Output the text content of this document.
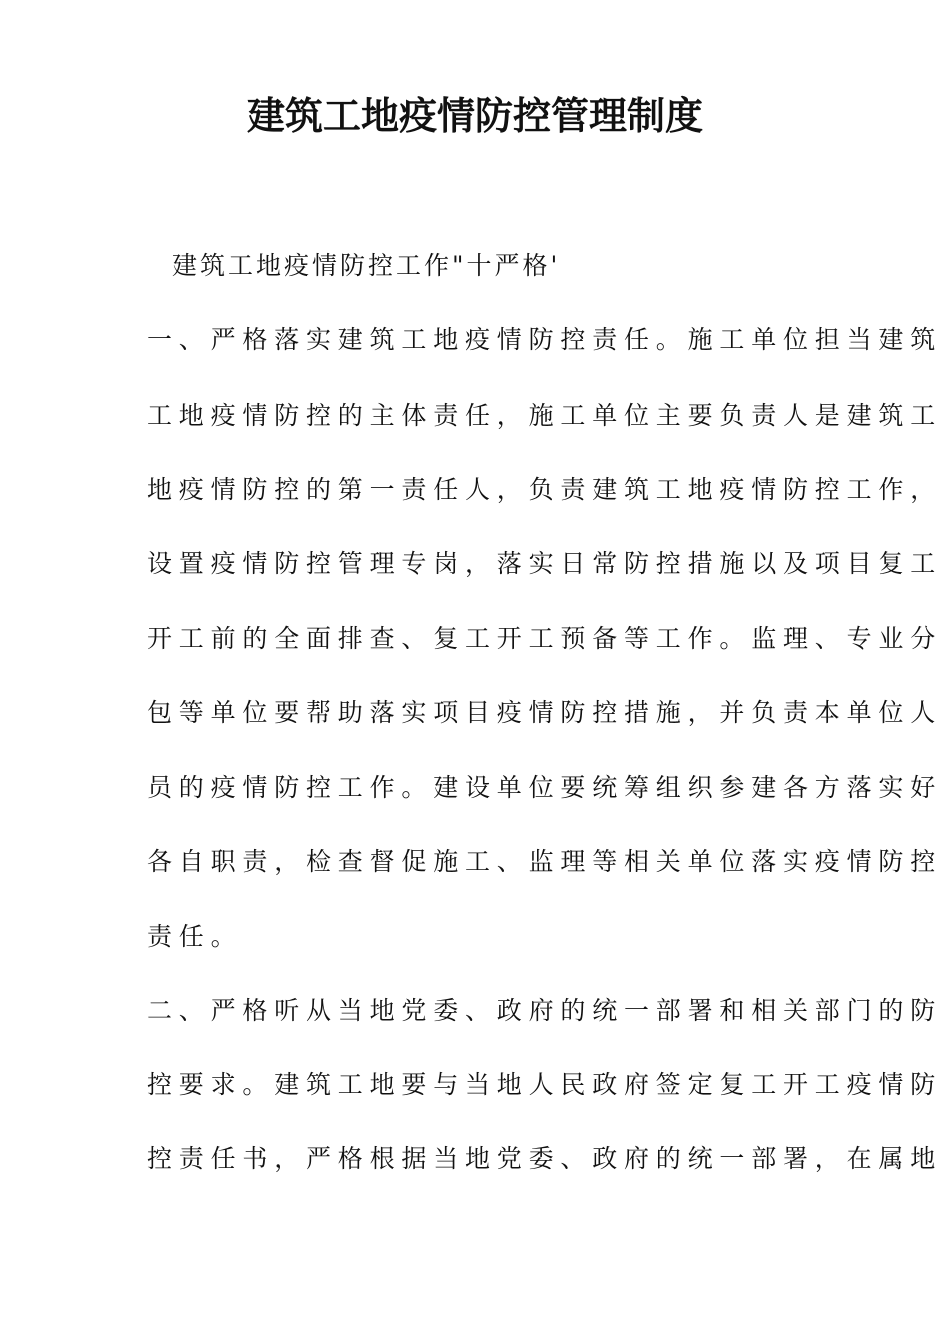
建筑工地疫情防控管理制度
建筑工地疫情防控工作"十严格'
一、严格落实建筑工地疫情防控责任。施工单位担当建筑
工地疫情防控的主体责任，施工单位主要负责人是建筑工
地疫情防控的第一责任人，负责建筑工地疫情防控工作，
设置疫情防控管理专岗，落实日常防控措施以及项目复工
开工前的全面排查、复工开工预备等工作。监理、专业分
包等单位要帮助落实项目疫情防控措施，并负责本单位人
员的疫情防控工作。建设单位要统筹组织参建各方落实好
各自职责，检查督促施工、监理等相关单位落实疫情防控
责任。
二、严格听从当地党委、政府的统一部署和相关部门的防
控要求。建筑工地要与当地人民政府签定复工开工疫情防
控责任书，严格根据当地党委、政府的统一部署，在属地
